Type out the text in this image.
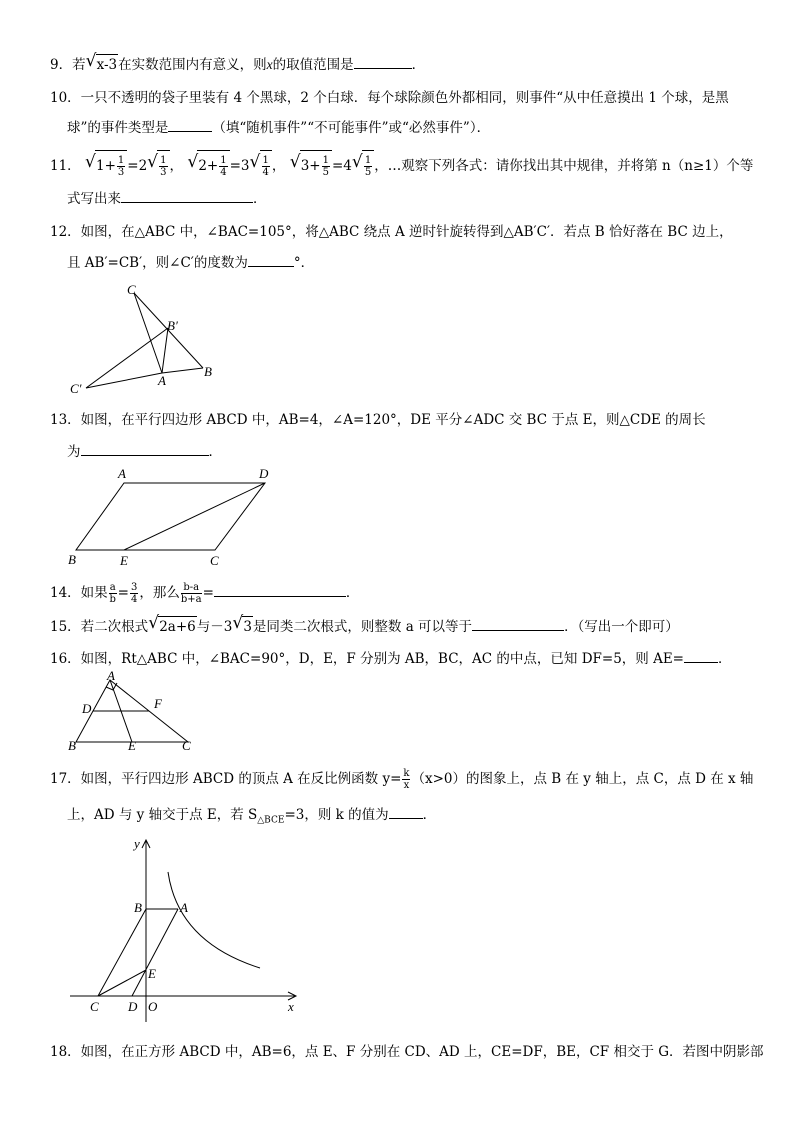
9．若 √ x-3在实数范围内有意义，则x的取值范围是	．
10．一只不透明的袋子里装有 4 个黑球，2 个白球．每个球除颜色外都相同，则事件“从中任意摸出 1 个球，是黑
球”的事件类型是	（填“随机事件”“不可能事件”或“必然事件”）．
11． √ $1+ \frac{1}{3} =2$ √ $\frac{1}{3}$ ， √ $2+ \frac{1}{4} =3$ √ $\frac{1}{4}$ ， √ $3+ \frac{1}{5} =4$ √ $\frac{1}{5}$ ，…观察下列各式：请你找出其中规律，并将第 n（n≥1）个等
式写出来	．
12．如图，在△ABC 中，∠BAC=105°，将△ABC 绕点 A 逆时针旋转得到△AB′C′．若点 B 恰好落在 BC 边上，
且 AB′=CB′，则∠C′的度数为	°．
C
B′
C′
A
B
13．如图，在平行四边形 ABCD 中，AB=4，∠A=120°，DE 平分∠ADC 交 BC 于点 E，则△CDE 的周长
为	．
A	D
B	E	C
14．如果 $\frac{a}{b} = \frac{3}{4}$ ，那么 $\frac{b-a}{b+a}$ =	．
15．若二次根式 √ 2a+6与－3 √ 3是同类二次根式，则整数 a 可以等于	．（写出一个即可）
16．如图，Rt△ABC 中，∠BAC=90°，D，E，F 分别为 AB，BC，AC 的中点，已知 DF=5，则 AE=	．
A
D	F
B	E	C
17．如图，平行四边形 ABCD 的顶点 A 在反比例函数 $y= \frac{k}{x} (x>0)$的图象上，点 B 在 y 轴上，点 C，点 D 在 x 轴
上，AD 与 y 轴交于点 E，若 $S_{\triangle BCE}=3$，则 k 的值为	．
y
B	A
E
C D O	x
18．如图，在正方形 ABCD 中，AB=6，点 E、F 分别在 CD、AD 上，CE=DF，BE，CF 相交于 G．若图中阴影部
